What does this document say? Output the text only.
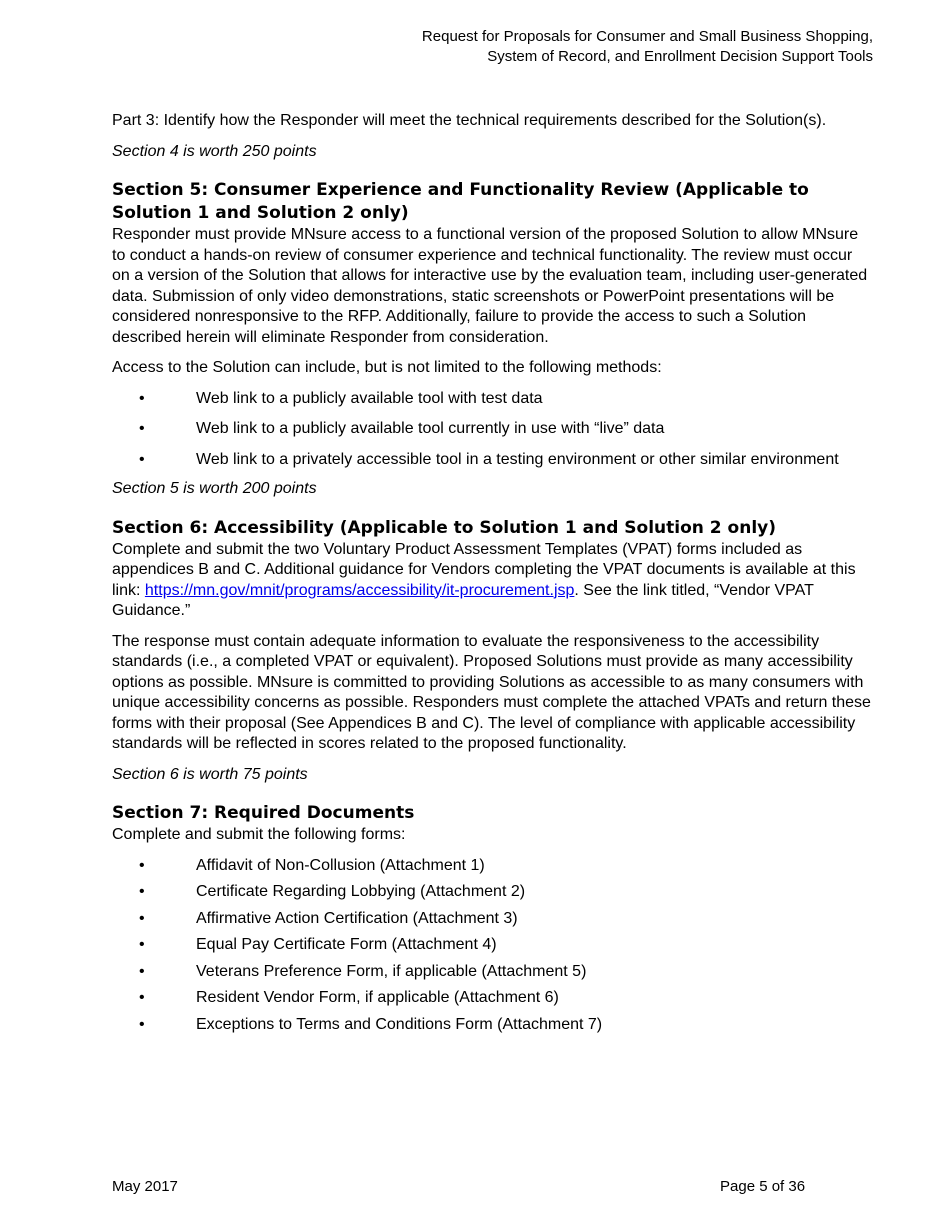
Request for Proposals for Consumer and Small Business Shopping,
System of Record, and Enrollment Decision Support Tools

Part 3: Identify how the Responder will meet the technical requirements described for the Solution(s).

Section 4 is worth 250 points

Section 5: Consumer Experience and Functionality Review (Applicable to Solution 1 and Solution 2 only)

Responder must provide MNsure access to a functional version of the proposed Solution to allow MNsure to conduct a hands-on review of consumer experience and technical functionality. The review must occur on a version of the Solution that allows for interactive use by the evaluation team, including user-generated data. Submission of only video demonstrations, static screenshots or PowerPoint presentations will be considered nonresponsive to the RFP. Additionally, failure to provide the access to such a Solution described herein will eliminate Responder from consideration.

Access to the Solution can include, but is not limited to the following methods:

•	Web link to a publicly available tool with test data
•	Web link to a publicly available tool currently in use with “live” data
•	Web link to a privately accessible tool in a testing environment or other similar environment

Section 5 is worth 200 points

Section 6: Accessibility (Applicable to Solution 1 and Solution 2 only)

Complete and submit the two Voluntary Product Assessment Templates (VPAT) forms included as appendices B and C. Additional guidance for Vendors completing the VPAT documents is available at this link: https://mn.gov/mnit/programs/accessibility/it-procurement.jsp. See the link titled, “Vendor VPAT Guidance.”

The response must contain adequate information to evaluate the responsiveness to the accessibility standards (i.e., a completed VPAT or equivalent). Proposed Solutions must provide as many accessibility options as possible. MNsure is committed to providing Solutions as accessible to as many consumers with unique accessibility concerns as possible. Responders must complete the attached VPATs and return these forms with their proposal (See Appendices B and C). The level of compliance with applicable accessibility standards will be reflected in scores related to the proposed functionality.

Section 6 is worth 75 points

Section 7: Required Documents

Complete and submit the following forms:

•	Affidavit of Non-Collusion (Attachment 1)
•	Certificate Regarding Lobbying (Attachment 2)
•	Affirmative Action Certification (Attachment 3)
•	Equal Pay Certificate Form (Attachment 4)
•	Veterans Preference Form, if applicable (Attachment 5)
•	Resident Vendor Form, if applicable (Attachment 6)
•	Exceptions to Terms and Conditions Form (Attachment 7)
May 2017	Page 5 of 36
